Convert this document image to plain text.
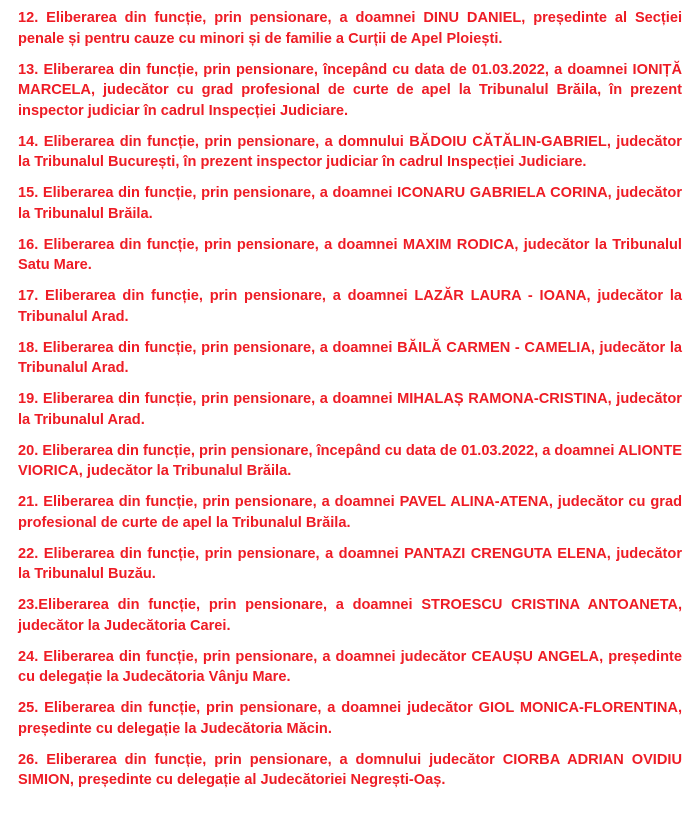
12. Eliberarea din funcție, prin pensionare, a doamnei DINU DANIEL, președinte al Secției penale și pentru cauze cu minori și de familie a Curții de Apel Ploiești.

13. Eliberarea din funcție, prin pensionare, începând cu data de 01.03.2022, a doamnei IONIȚĂ MARCELA, judecător cu grad profesional de curte de apel la Tribunalul Brăila, în prezent inspector judiciar în cadrul Inspecției Judiciare.

14. Eliberarea din funcție, prin pensionare, a domnului BĂDOIU CĂTĂLIN-GABRIEL, judecător la Tribunalul București, în prezent inspector judiciar în cadrul Inspecției Judiciare.

15. Eliberarea din funcție, prin pensionare, a doamnei ICONARU GABRIELA CORINA, judecător la Tribunalul Brăila.

16. Eliberarea din funcție, prin pensionare, a doamnei MAXIM RODICA, judecător la Tribunalul Satu Mare.

17. Eliberarea din funcție, prin pensionare, a doamnei LAZĂR LAURA - IOANA, judecător la Tribunalul Arad.

18. Eliberarea din funcție, prin pensionare, a doamnei BĂILĂ CARMEN - CAMELIA, judecător la Tribunalul Arad.

19. Eliberarea din funcție, prin pensionare, a doamnei MIHALAȘ RAMONA-CRISTINA, judecător la Tribunalul Arad.

20. Eliberarea din funcție, prin pensionare, începând cu data de 01.03.2022, a doamnei ALIONTE VIORICA, judecător la Tribunalul Brăila.

21. Eliberarea din funcție, prin pensionare, a doamnei PAVEL ALINA-ATENA, judecător cu grad profesional de curte de apel la Tribunalul Brăila.

22. Eliberarea din funcție, prin pensionare, a doamnei PANTAZI CRENGUTA ELENA, judecător la Tribunalul Buzău.

23.Eliberarea din funcție, prin pensionare, a doamnei STROESCU CRISTINA ANTOANETA, judecător la Judecătoria Carei.

24. Eliberarea din funcție, prin pensionare, a doamnei judecător CEAUȘU ANGELA, președinte cu delegație la Judecătoria Vânju Mare.

25. Eliberarea din funcție, prin pensionare, a doamnei judecător GIOL MONICA-FLORENTINA, președinte cu delegație la Judecătoria Măcin.

26. Eliberarea din funcție, prin pensionare, a domnului judecător CIORBA ADRIAN OVIDIU SIMION, președinte cu delegație al Judecătoriei Negrești-Oaș.
